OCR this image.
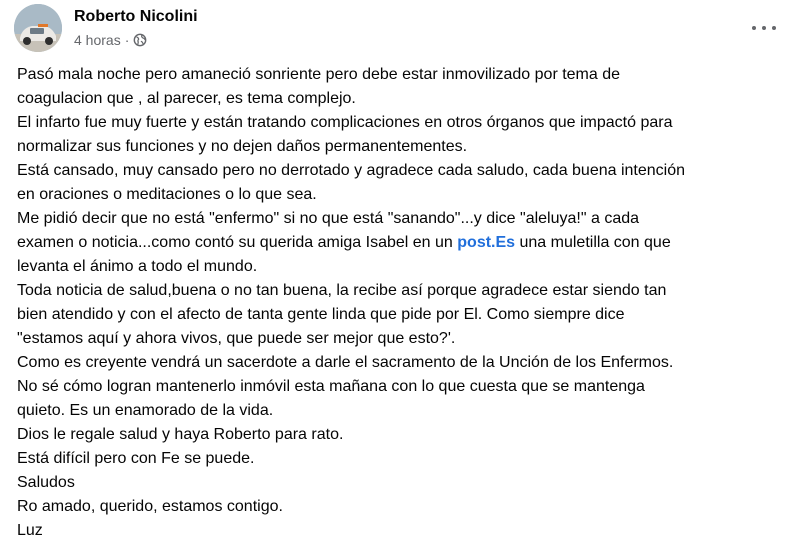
Roberto Nicolini
4 horas ·
Pasó mala noche pero amaneció sonriente pero debe estar inmovilizado por tema de
coagulacion que , al parecer, es tema complejo.
El infarto fue muy fuerte y están tratando complicaciones en otros órganos que impactó para
normalizar sus funciones y no dejen daños permanentementes.
Está cansado, muy cansado pero no derrotado y agradece cada saludo, cada buena intención
en oraciones o meditaciones o lo que sea.
Me pidió decir que no está "enfermo" si no que está "sanando"...y dice "aleluya!" a cada
examen o noticia...como contó su querida amiga Isabel en un post.Es una muletilla con que
levanta el ánimo a todo el mundo.
Toda noticia de salud,buena o no tan buena, la recibe así porque agradece estar siendo tan
bien atendido y con el afecto de tanta gente linda que pide por El. Como siempre dice
"estamos aquí y ahora vivos, que puede ser mejor que esto?'.
Como es creyente vendrá un sacerdote a darle el sacramento de la Unción de los Enfermos.
No sé cómo logran mantenerlo inmóvil esta mañana con lo que cuesta que se mantenga
quieto. Es un enamorado de la vida.
Dios le regale salud y haya Roberto para rato.
Está difícil pero con Fe se puede.
Saludos
Ro amado, querido, estamos contigo.
Luz
